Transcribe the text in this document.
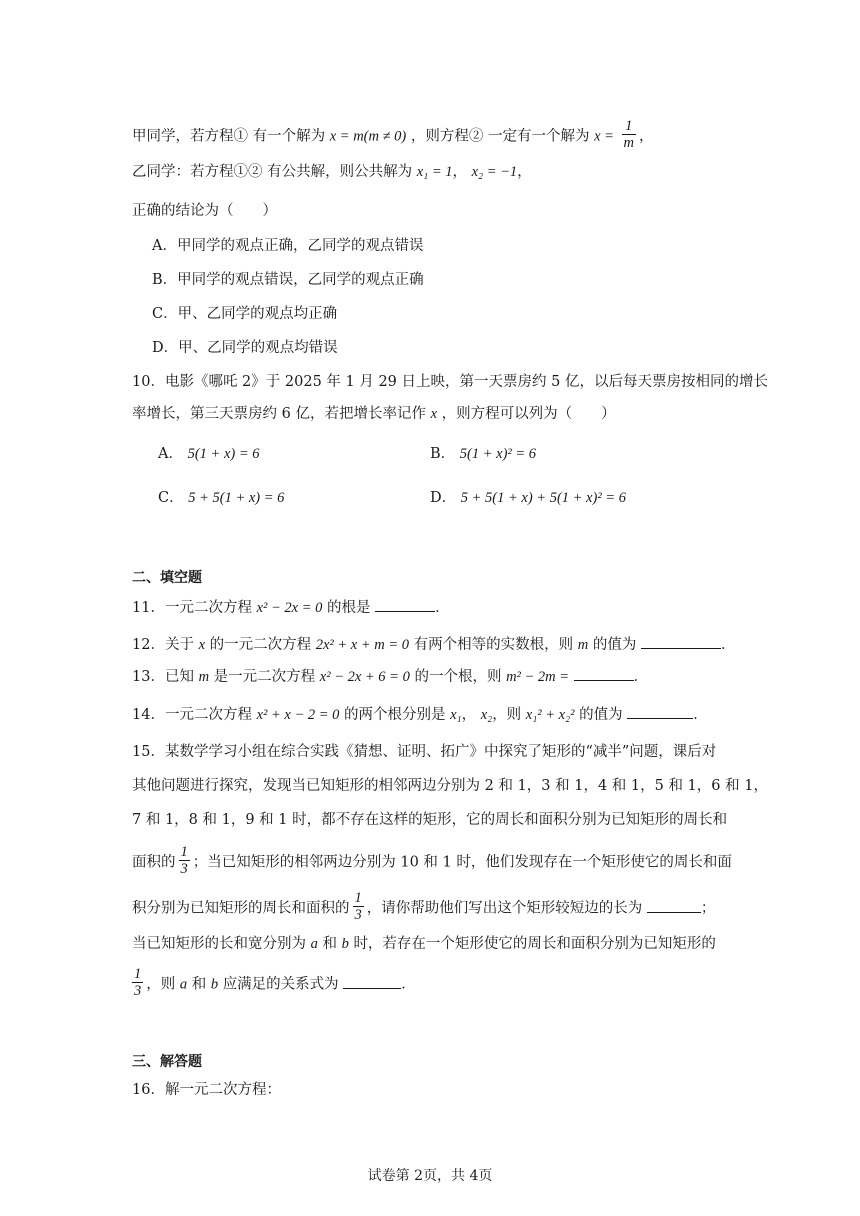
甲同学，若方程① 有一个解为 x = m(m ≠ 0) ，则方程② 一定有一个解为 $x = \frac{1}{m}$ ，
乙同学：若方程①② 有公共解，则公共解为 x₁ = 1， x₂ = −1，
正确的结论为（　　）
A．甲同学的观点正确，乙同学的观点错误
B．甲同学的观点错误，乙同学的观点正确
C．甲、乙同学的观点均正确
D．甲、乙同学的观点均错误
10．电影《哪吒 2》于 2025 年 1 月 29 日上映，第一天票房约 5 亿，以后每天票房按相同的增长
率增长，第三天票房约 6 亿，若把增长率记作 x ，则方程可以列为（　　）
A． 5(1 + x) = 6	B． 5(1 + x)² = 6
C． 5 + 5(1 + x) = 6	D． 5 + 5(1 + x) + 5(1 + x)² = 6
二、填空题
11．一元二次方程 x² − 2x = 0 的根是	．
12．关于 x 的一元二次方程 2x² + x + m = 0 有两个相等的实数根，则 m 的值为	．
13．已知 m 是一元二次方程 x² − 2x + 6 = 0 的一个根，则 m² − 2m =	．
14．一元二次方程 x² + x − 2 = 0 的两个根分别是 x₁， x₂，则 x₁² + x₂² 的值为	．
15．某数学学习小组在综合实践《猜想、证明、拓广》中探究了矩形的“减半”问题，课后对
其他问题进行探究，发现当已知矩形的相邻两边分别为 2 和 1，3 和 1，4 和 1，5 和 1，6 和 1，
7 和 1，8 和 1，9 和 1 时，都不存在这样的矩形，它的周长和面积分别为已知矩形的周长和
面积的 $\frac{1}{3}$ ；当已知矩形的相邻两边分别为 10 和 1 时，他们发现存在一个矩形使它的周长和面
积分别为已知矩形的周长和面积的 $\frac{1}{3}$ ，请你帮助他们写出这个矩形较短边的长为	；
当已知矩形的长和宽分别为 a 和 b 时，若存在一个矩形使它的周长和面积分别为已知矩形的
$\frac{1}{3}$ ，则 a 和 b 应满足的关系式为	．
三、解答题
16．解一元二次方程：
试卷第 2页，共 4页
